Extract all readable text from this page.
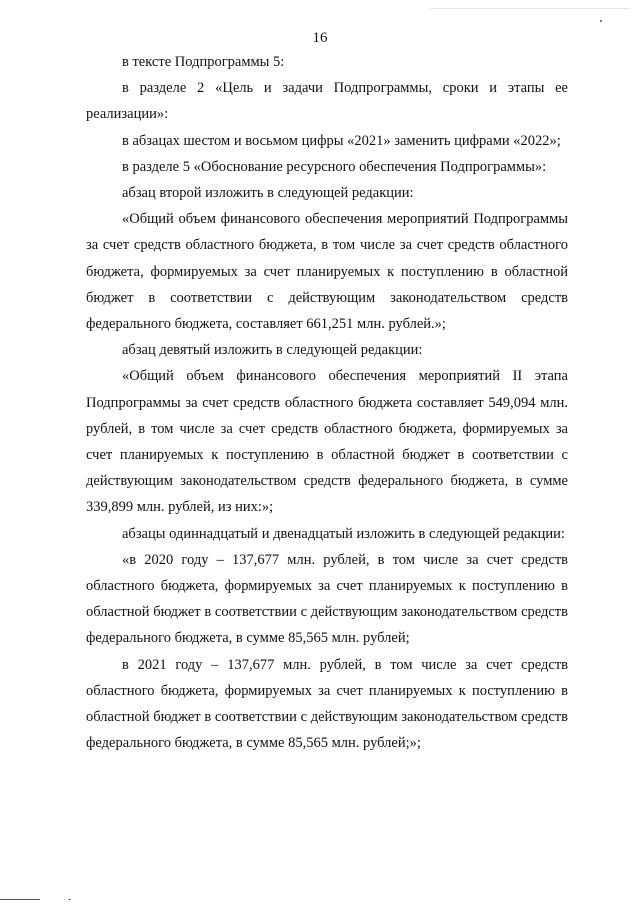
16

в тексте Подпрограммы 5:

в разделе 2 «Цель и задачи Подпрограммы, сроки и этапы ее реализации»:

в абзацах шестом и восьмом цифры «2021» заменить цифрами «2022»;

в разделе 5 «Обоснование ресурсного обеспечения Подпрограммы»:

абзац второй изложить в следующей редакции:

«Общий объем финансового обеспечения мероприятий Подпрограммы за счет средств областного бюджета, в том числе за счет средств областного бюджета, формируемых за счет планируемых к поступлению в областной бюджет в соответствии с действующим законодательством средств федерального бюджета, составляет 661,251 млн. рублей.»;

абзац девятый изложить в следующей редакции:

«Общий объем финансового обеспечения мероприятий II этапа Подпрограммы за счет средств областного бюджета составляет 549,094 млн. рублей, в том числе за счет средств областного бюджета, формируемых за счет планируемых к поступлению в областной бюджет в соответствии с действующим законодательством средств федерального бюджета, в сумме 339,899 млн. рублей, из них:»;

абзацы одиннадцатый и двенадцатый изложить в следующей редакции:

«в 2020 году – 137,677 млн. рублей, в том числе за счет средств областного бюджета, формируемых за счет планируемых к поступлению в областной бюджет в соответствии с действующим законодательством средств федерального бюджета, в сумме 85,565 млн. рублей;

в 2021 году – 137,677 млн. рублей, в том числе за счет средств областного бюджета, формируемых за счет планируемых к поступлению в областной бюджет в соответствии с действующим законодательством средств федерального бюджета, в сумме 85,565 млн. рублей;»;
